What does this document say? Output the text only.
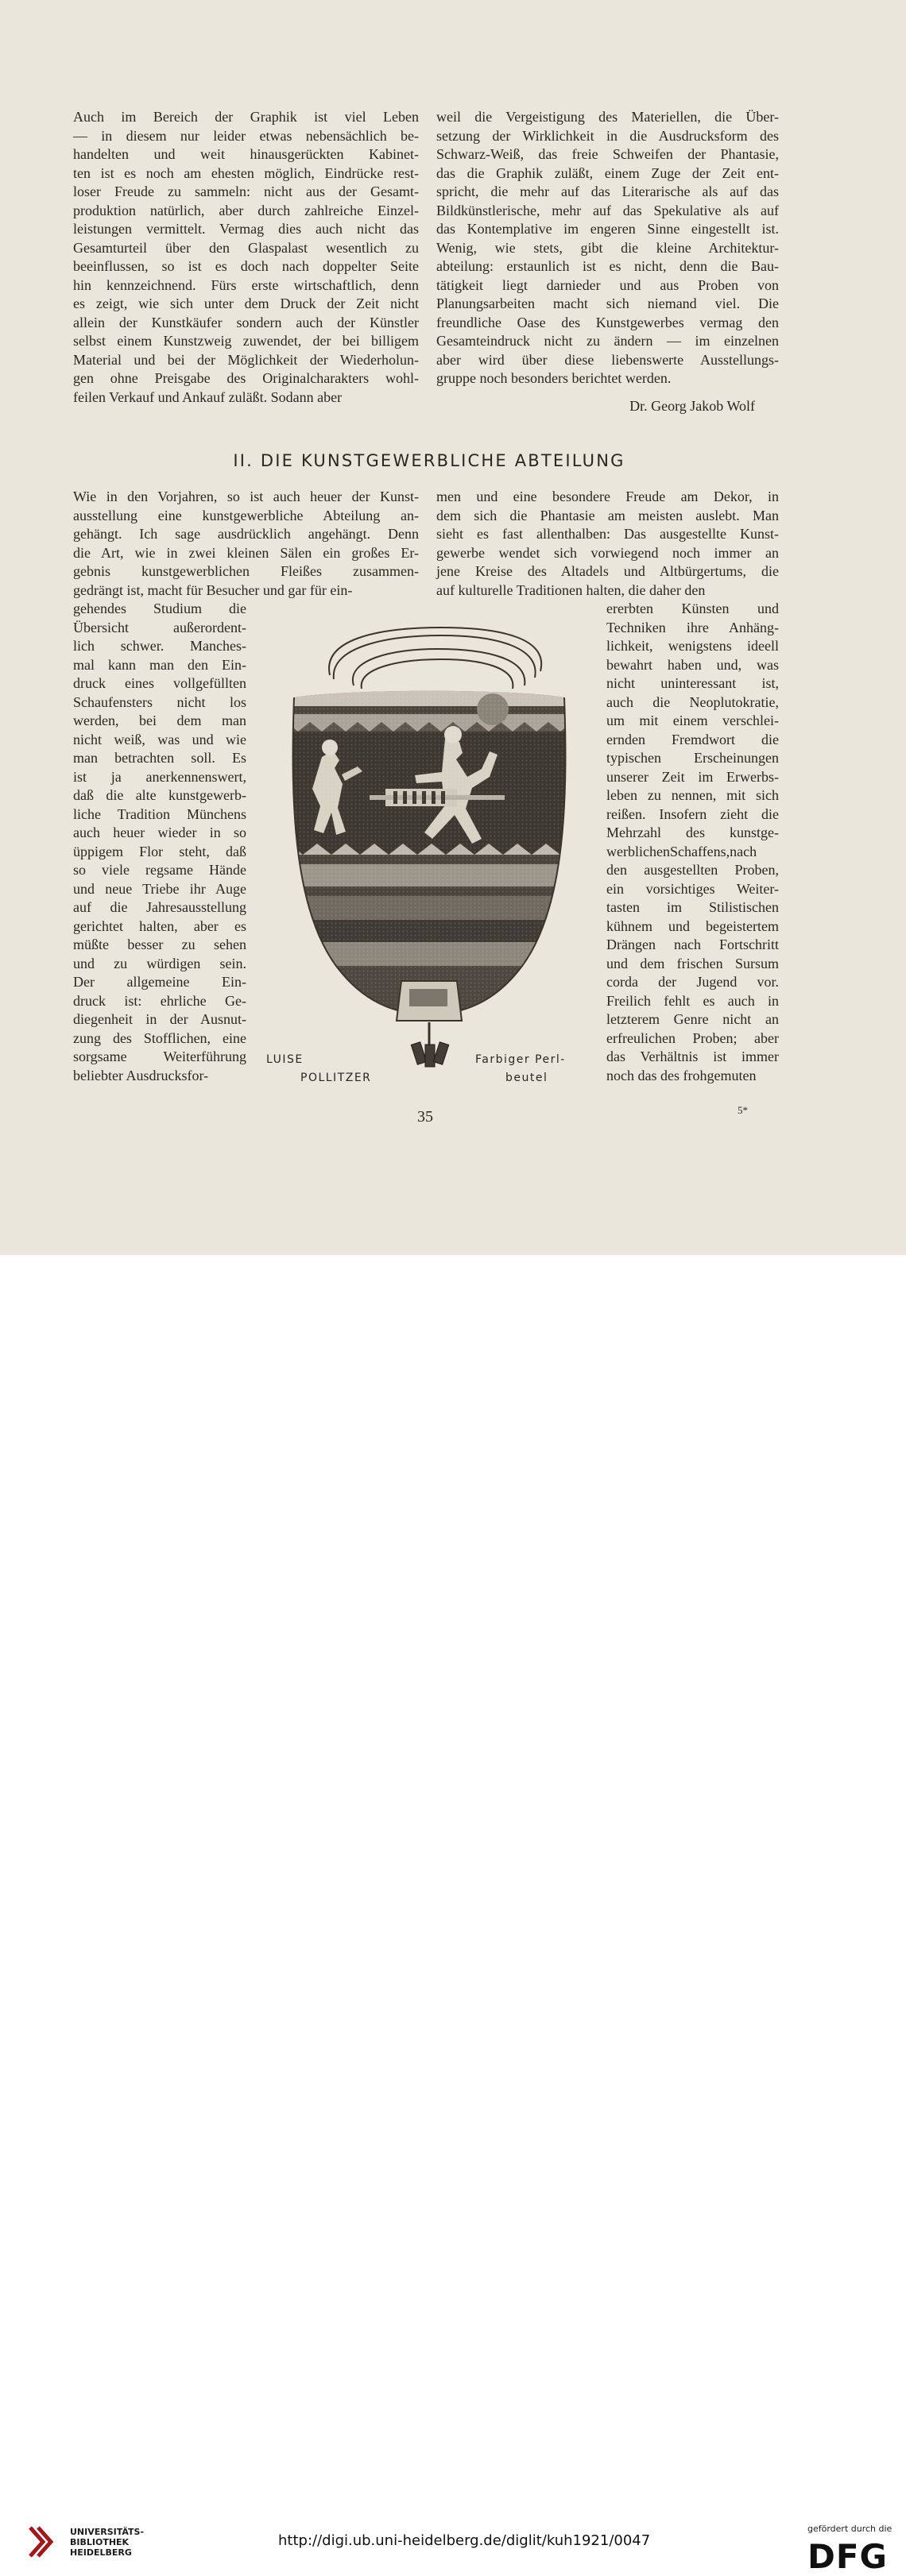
Auch im Bereich der Graphik ist viel Leben
— in diesem nur leider etwas nebensächlich be-
handelten und weit hinausgerückten Kabinet-
ten ist es noch am ehesten möglich, Eindrücke rest-
loser Freude zu sammeln: nicht aus der Gesamt-
produktion natürlich, aber durch zahlreiche Einzel-
leistungen vermittelt. Vermag dies auch nicht das
Gesamturteil über den Glaspalast wesentlich zu
beeinflussen, so ist es doch nach doppelter Seite
hin kennzeichnend. Fürs erste wirtschaftlich, denn
es zeigt, wie sich unter dem Druck der Zeit nicht
allein der Kunstkäufer sondern auch der Künstler
selbst einem Kunstzweig zuwendet, der bei billigem
Material und bei der Möglichkeit der Wiederholun-
gen ohne Preisgabe des Originalcharakters wohl-
feilen Verkauf und Ankauf zuläßt. Sodann aber
weil die Vergeistigung des Materiellen, die Über-
setzung der Wirklichkeit in die Ausdrucksform des
Schwarz-Weiß, das freie Schweifen der Phantasie,
das die Graphik zuläßt, einem Zuge der Zeit ent-
spricht, die mehr auf das Literarische als auf das
Bildkünstlerische, mehr auf das Spekulative als auf
das Kontemplative im engeren Sinne eingestellt ist.
Wenig, wie stets, gibt die kleine Architektur-
abteilung: erstaunlich ist es nicht, denn die Bau-
tätigkeit liegt darnieder und aus Proben von
Planungsarbeiten macht sich niemand viel. Die
freundliche Oase des Kunstgewerbes vermag den
Gesamteindruck nicht zu ändern — im einzelnen
aber wird über diese liebenswerte Ausstellungs-
gruppe noch besonders berichtet werden.
Dr. Georg Jakob Wolf
II. DIE KUNSTGEWERBLICHE ABTEILUNG
Wie in den Vorjahren, so ist auch heuer der Kunst-
ausstellung eine kunstgewerbliche Abteilung an-
gehängt. Ich sage ausdrücklich angehängt. Denn
die Art, wie in zwei kleinen Sälen ein großes Er-
gebnis kunstgewerblichen Fleißes zusammen-
gedrängt ist, macht für Besucher und gar für ein-
gehendes Studium die
Übersicht außerordent-
lich schwer. Manches-
mal kann man den Ein-
druck eines vollgefüllten
Schaufensters nicht los
werden, bei dem man
nicht weiß, was und wie
man betrachten soll. Es
ist ja anerkennenswert,
daß die alte kunstgewerb-
liche Tradition Münchens
auch heuer wieder in so
üppigem Flor steht, daß
so viele regsame Hände
und neue Triebe ihr Auge
auf die Jahresausstellung
gerichtet halten, aber es
müßte besser zu sehen
und zu würdigen sein.
Der allgemeine Ein-
druck ist: ehrliche Ge-
diegenheit in der Ausnut-
zung des Stofflichen, eine
sorgsame Weiterführung
beliebter Ausdrucksfor-
men und eine besondere Freude am Dekor, in
dem sich die Phantasie am meisten auslebt. Man
sieht es fast allenthalben: Das ausgestellte Kunst-
gewerbe wendet sich vorwiegend noch immer an
jene Kreise des Altadels und Altbürgertums, die
auf kulturelle Traditionen halten, die daher den
ererbten Künsten und
Techniken ihre Anhäng-
lichkeit, wenigstens ideell
bewahrt haben und, was
nicht uninteressant ist,
auch die Neoplutokratie,
um mit einem verschlei-
ernden Fremdwort die
typischen Erscheinungen
unserer Zeit im Erwerbs-
leben zu nennen, mit sich
reißen. Insofern zieht die
Mehrzahl des kunstge-
werblichenSchaffens,nach
den ausgestellten Proben,
ein vorsichtiges Weiter-
tasten im Stilistischen
kühnem und begeistertem
Drängen nach Fortschritt
und dem frischen Sursum
corda der Jugend vor.
Freilich fehlt es auch in
letzterem Genre nicht an
erfreulichen Proben; aber
das Verhältnis ist immer
noch das des frohgemuten
LUISE
POLLITZER
Farbiger Perl-
beutel
35	5*
UNIVERSITÄTS-
BIBLIOTHEK
HEIDELBERG
http://digi.ub.uni-heidelberg.de/diglit/kuh1921/0047
gefördert durch die
DFG
